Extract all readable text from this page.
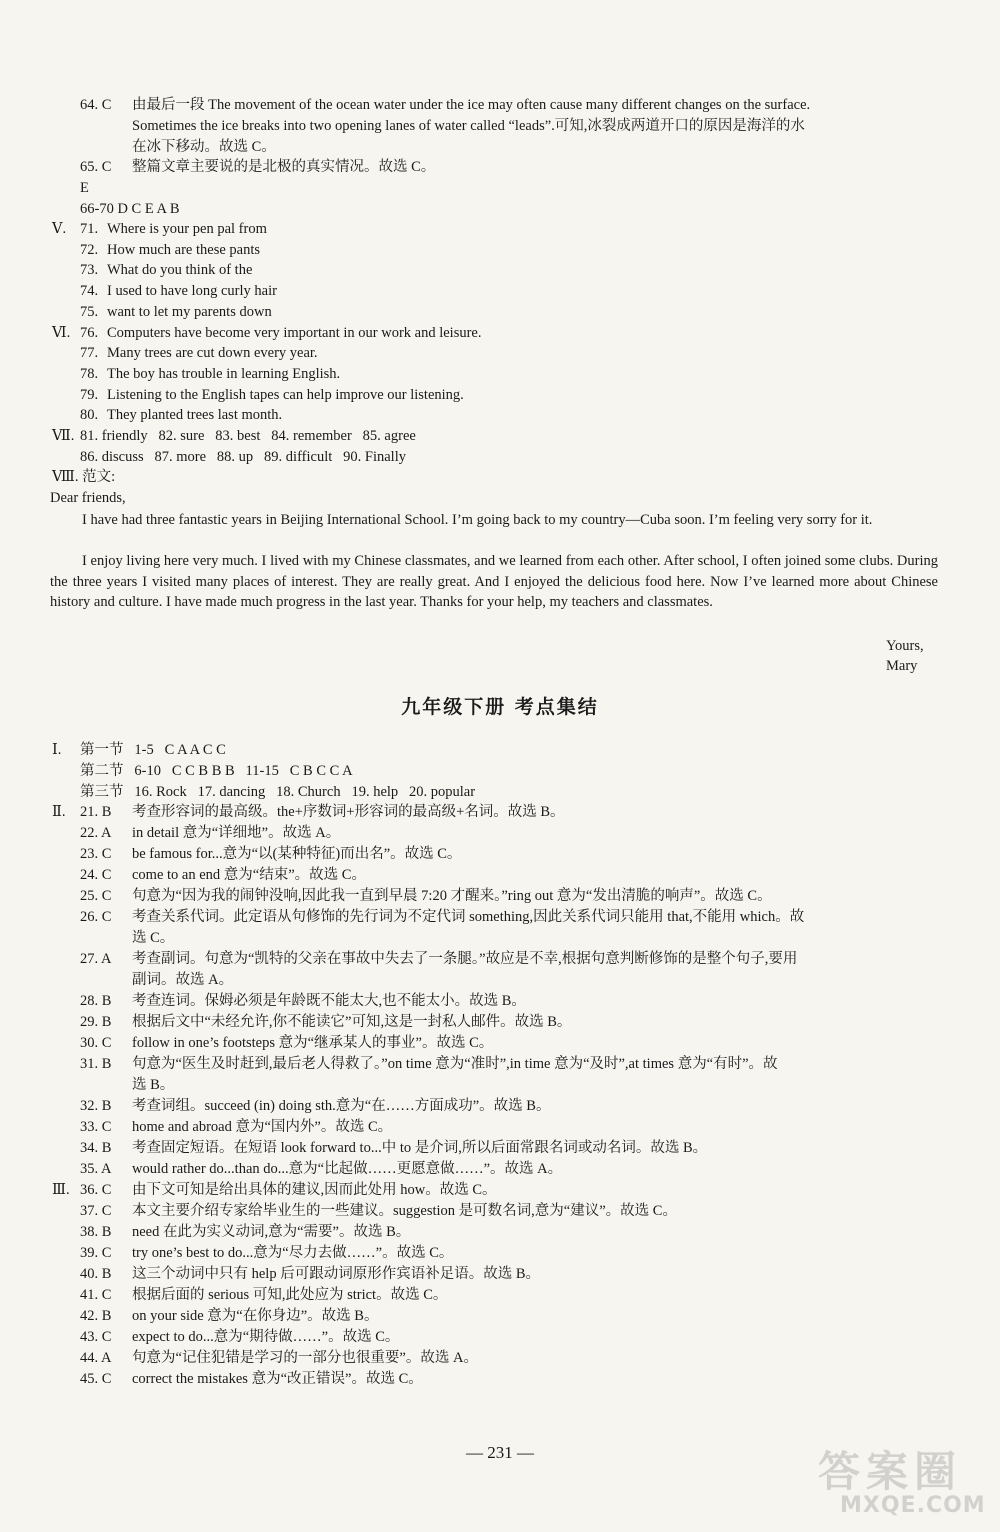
64. C 由最后一段 The movement of the ocean water under the ice may often cause many different changes on the surface.
Sometimes the ice breaks into two opening lanes of water called “leads”.可知,冰裂成两道开口的原因是海洋的水
在冰下移动。故选 C。
65. C 整篇文章主要说的是北极的真实情况。故选 C。
E
66-70 D C E A B
Ⅴ. 71. Where is your pen pal from
72. How much are these pants
73. What do you think of the
74. I used to have long curly hair
75. want to let my parents down
Ⅵ. 76. Computers have become very important in our work and leisure.
77. Many trees are cut down every year.
78. The boy has trouble in learning English.
79. Listening to the English tapes can help improve our listening.
80. They planted trees last month.
Ⅶ. 81. friendly   82. sure   83. best   84. remember   85. agree
86. discuss   87. more   88. up   89. difficult   90. Finally
Ⅷ. 范文:
Dear friends,
I have had three fantastic years in Beijing International School. I’m going back to my country—Cuba soon. I’m feeling very sorry for it.
I enjoy living here very much. I lived with my Chinese classmates, and we learned from each other. After school, I often joined some clubs. During the three years I visited many places of interest. They are really great. And I enjoyed the delicious food here. Now I’ve learned more about Chinese history and culture. I have made much progress in the last year. Thanks for your help, my teachers and classmates.
Yours,
Mary
九年级下册 考点集结
Ⅰ. 第一节   1-5   C A A C C
第二节   6-10   C C B B B   11-15   C B C C A
第三节   16. Rock   17. dancing   18. Church   19. help   20. popular
Ⅱ. 21. B 考查形容词的最高级。the+序数词+形容词的最高级+名词。故选 B。
22. A in detail 意为“详细地”。故选 A。
23. C be famous for...意为“以(某种特征)而出名”。故选 C。
24. C come to an end 意为“结束”。故选 C。
25. C 句意为“因为我的闹钟没响,因此我一直到早晨 7:20 才醒来。”ring out 意为“发出清脆的响声”。故选 C。
26. C 考查关系代词。此定语从句修饰的先行词为不定代词 something,因此关系代词只能用 that,不能用 which。故
选 C。
27. A 考查副词。句意为“凯特的父亲在事故中失去了一条腿。”故应是不幸,根据句意判断修饰的是整个句子,要用
副词。故选 A。
28. B 考查连词。保姆必须是年龄既不能太大,也不能太小。故选 B。
29. B 根据后文中“未经允许,你不能读它”可知,这是一封私人邮件。故选 B。
30. C follow in one’s footsteps 意为“继承某人的事业”。故选 C。
31. B 句意为“医生及时赶到,最后老人得救了。”on time 意为“准时”,in time 意为“及时”,at times 意为“有时”。故
选 B。
32. B 考查词组。succeed (in) doing sth.意为“在……方面成功”。故选 B。
33. C home and abroad 意为“国内外”。故选 C。
34. B 考查固定短语。在短语 look forward to...中 to 是介词,所以后面常跟名词或动名词。故选 B。
35. A would rather do...than do...意为“比起做……更愿意做……”。故选 A。
Ⅲ. 36. C 由下文可知是给出具体的建议,因而此处用 how。故选 C。
37. C 本文主要介绍专家给毕业生的一些建议。suggestion 是可数名词,意为“建议”。故选 C。
38. B need 在此为实义动词,意为“需要”。故选 B。
39. C try one’s best to do...意为“尽力去做……”。故选 C。
40. B 这三个动词中只有 help 后可跟动词原形作宾语补足语。故选 B。
41. C 根据后面的 serious 可知,此处应为 strict。故选 C。
42. B on your side 意为“在你身边”。故选 B。
43. C expect to do...意为“期待做……”。故选 C。
44. A 句意为“记住犯错是学习的一部分也很重要”。故选 A。
45. C correct the mistakes 意为“改正错误”。故选 C。
— 231 —	答案圈
MXQE.COM
